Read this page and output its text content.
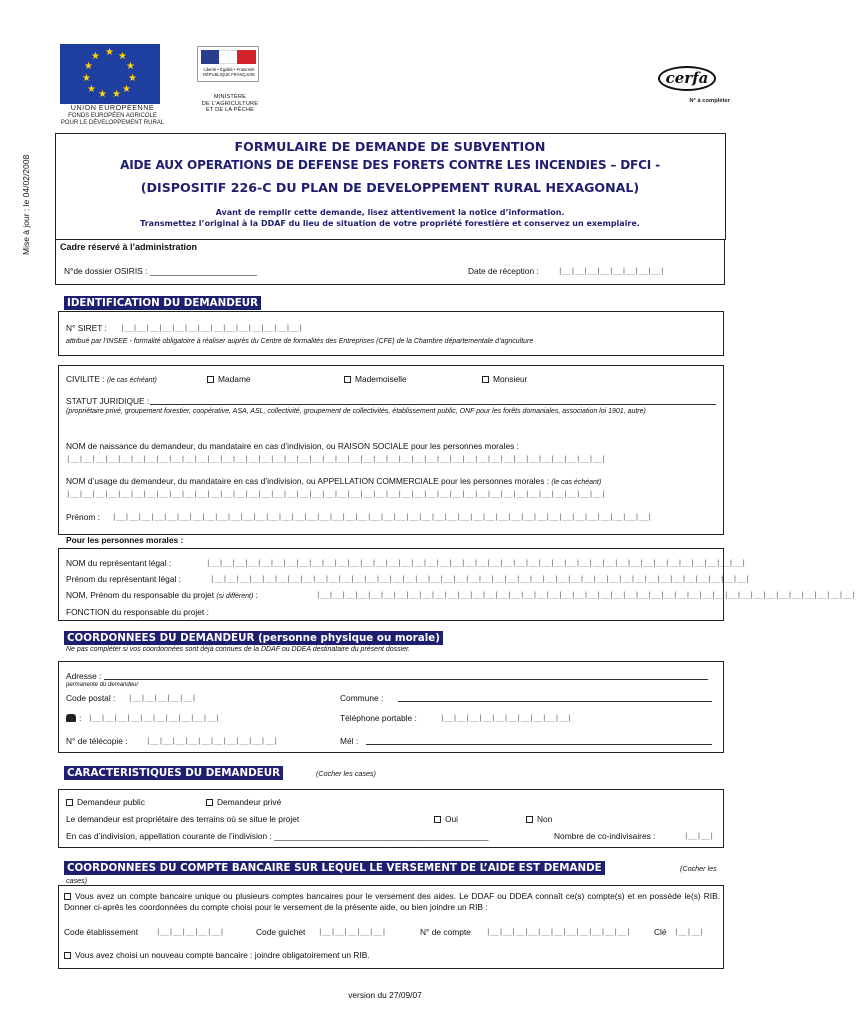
Mise à jour : le 04/02/2008
★ ★
★
★
★
★
★
★
★
★
★
UNION EUROPÉENNE
FONDS EUROPÉEN AGRICOLE
POUR LE DÉVELOPPEMENT RURAL
Liberté • Égalité • Fraternité RÉPUBLIQUE FRANÇAISE
MINISTÈRE
DE L'AGRICULTURE
ET DE LA PÊCHE
cerfa
N° à compléter
FORMULAIRE DE DEMANDE DE SUBVENTION
AIDE AUX OPERATIONS DE DEFENSE DES FORETS CONTRE LES INCENDIES – DFCI -
(DISPOSITIF 226-C DU PLAN DE DEVELOPPEMENT RURAL HEXAGONAL)
Avant de remplir cette demande, lisez attentivement la notice d’information.
Transmettez l’original à la DDAF du lieu de situation de votre propriété forestière et conservez un exemplaire.
Cadre réservé à l’administration
N°de dossier OSIRIS : _______________________	Date de réception :	|__|__|__|__|__|__|__|__|
IDENTIFICATION DU DEMANDEUR
N° SIRET : |__|__|__|__|__|__|__|__|__|__|__|__|__|__|
attribué par l’INSEE - formalité obligatoire à réaliser auprès du Centre de formalités des Entreprises (CFE) de la Chambre départementale d’agriculture
CIVILITE : (le cas échéant)	Madame	Mademoiselle	Monsieur
STATUT JURIDIQUE :
(propriétaire privé, groupement forestier, coopérative, ASA, ASL, collectivité, groupement de collectivités, établissement public, ONF pour les forêts domaniales, association loi 1901, autre)
NOM de naissance du demandeur, du mandataire en cas d’indivision, ou RAISON SOCIALE pour les personnes morales :
|__|__|__|__|__|__|__|__|__|__|__|__|__|__|__|__|__|__|__|__|__|__|__|__|__|__|__|__|__|__|__|__|__|__|__|__|__|__|__|__|__|__|
NOM d’usage du demandeur, du mandataire en cas d’indivision, ou APPELLATION COMMERCIALE pour les personnes morales : (le cas échéant)
|__|__|__|__|__|__|__|__|__|__|__|__|__|__|__|__|__|__|__|__|__|__|__|__|__|__|__|__|__|__|__|__|__|__|__|__|__|__|__|__|__|__|
Prénom : |__|__|__|__|__|__|__|__|__|__|__|__|__|__|__|__|__|__|__|__|__|__|__|__|__|__|__|__|__|__|__|__|__|__|__|__|__|__|__|__|__|__|
Pour les personnes morales :
NOM du représentant légal :	|__|__|__|__|__|__|__|__|__|__|__|__|__|__|__|__|__|__|__|__|__|__|__|__|__|__|__|__|__|__|__|__|__|__|__|__|__|__|__|__|__|__|
Prénom du représentant légal :	|__|__|__|__|__|__|__|__|__|__|__|__|__|__|__|__|__|__|__|__|__|__|__|__|__|__|__|__|__|__|__|__|__|__|__|__|__|__|__|__|__|__|
NOM, Prénom du responsable du projet (si différent) :	|__|__|__|__|__|__|__|__|__|__|__|__|__|__|__|__|__|__|__|__|__|__|__|__|__|__|__|__|__|__|__|__|__|__|__|__|__|__|__|__|__|__|
FONCTION du responsable du projet :
COORDONNEES DU DEMANDEUR (personne physique ou morale)
Ne pas compléter si vos coordonnées sont déjà connues de la DDAF ou DDEA destinataire du présent dossier.
Adresse :
permanente du demandeur
Code postal : |__|__|__|__|__|	Commune :
: |__|__|__|__|__|__|__|__|__|__|	Téléphone portable :	|__|__|__|__|__|__|__|__|__|__|
N° de télécopie : |__|__|__|__|__|__|__|__|__|__|	Mél :
CARACTERISTIQUES DU DEMANDEUR	(Cocher les cases)
Demandeur public	Demandeur privé
Le demandeur est propriétaire des terrains où se situe le projet	Oui	Non
En cas d’indivision, appellation courante de l’indivision : ______________________________________________	Nombre de co-indivisaires :	|__|__|
COORDONNEES DU COMPTE BANCAIRE SUR LEQUEL LE VERSEMENT DE L’AIDE EST DEMANDE	(Cocher les
cases)
Vous avez un compte bancaire unique ou plusieurs comptes bancaires pour le versement des aides. Le DDAF ou DDEA connaît ce(s) compte(s) et en possède le(s) RIB. Donner ci-après les coordonnées du compte choisi pour le versement de la présente aide, ou bien joindre un RIB :
Code établissement |__|__|__|__|__|	Code guichet |__|__|__|__|__|	N° de compte |__|__|__|__|__|__|__|__|__|__|__|	Clé |__|__|
Vous avez choisi un nouveau compte bancaire : joindre obligatoirement un RIB.
version du 27/09/07
